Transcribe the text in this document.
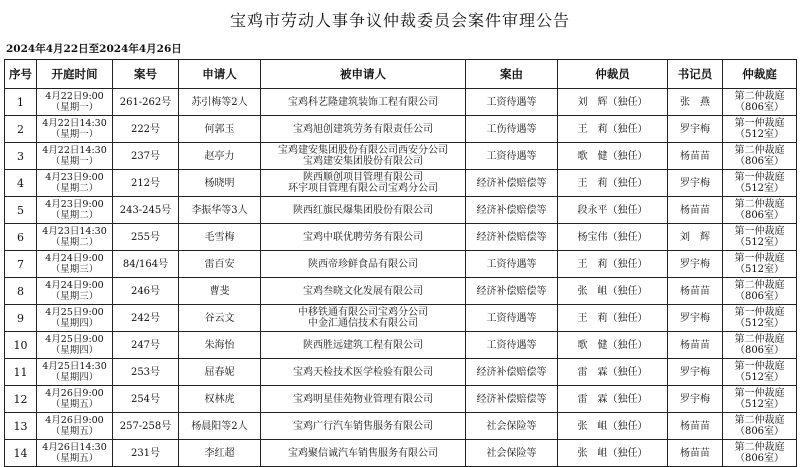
宝鸡市劳动人事争议仲裁委员会案件审理公告
2024年4月22日至2024年4月26日
序号	开庭时间	案号	申请人	被申请人	案由	仲裁员	书记员	仲裁庭
1	4月22日9:00
（星期一）	261-262号	苏引梅等2人	宝鸡科艺隆建筑装饰工程有限公司	工资待遇等	刘　辉（独任）	张　燕	第二仲裁庭
（806室）

2	4月22日14:30
（星期一）	222号	何郭玉	宝鸡旭创建筑劳务有限责任公司	工伤待遇等	王　莉（独任）	罗宇梅	第一仲裁庭
（512室）

3	4月22日14:30
（星期一）	237号	赵亭力	宝鸡建安集团股份有限公司西安分公司
宝鸡建安集团股份有限公司	工资待遇等	歌　健（独任）	杨苗苗	第二仲裁庭
（806室）

4	4月23日9:00
（星期二）	212号	杨晓明	陕西顺创项目管理有限公司
环宇项目管理有限公司宝鸡分公司	经济补偿赔偿等	王　莉（独任）	罗宇梅	第一仲裁庭
（512室）

5	4月23日9:00
（星期二）	243-245号	李振华等3人	陕西红旗民爆集团股份有限公司	经济补偿赔偿等	段永平（独任）	杨苗苗	第二仲裁庭
（806室）

6	4月23日14:30
（星期二）	255号	毛雪梅	宝鸡中联优聘劳务有限公司	经济补偿赔偿等	杨宝伟（独任）	刘　辉	第一仲裁庭
（512室）

7	4月24日9:00
（星期三）	84/164号	雷百安	陕西帝珍鲜食品有限公司	工资待遇等	王　莉（独任）	罗宇梅	第一仲裁庭
（512室）

8	4月24日9:00
（星期三）	246号	曹斐	宝鸡叁晓文化发展有限公司	经济补偿赔偿等	张　岨（独任）	杨苗苗	第二仲裁庭
（806室）

9	4月25日9:00
（星期四）	242号	谷云文	中移铁通有限公司宝鸡分公司
中金汇通信技术有限公司	工资待遇等	王　莉（独任）	罗宇梅	第一仲裁庭
（512室）

10	4月25日9:00
（星期四）	247号	朱海怡	陕西胜远建筑工程有限公司	工资待遇等	歌　健（独任）	杨苗苗	第二仲裁庭
（806室）

11	4月25日14:30
（星期四）	253号	屈春妮	宝鸡天检技术医学检验有限公司	经济补偿赔偿等	雷　霖（独任）	罗宇梅	第一仲裁庭
（512室）

12	4月26日9:00
（星期五）	254号	权林虎	宝鸡明星佳苑物业管理有限公司	经济补偿赔偿等	雷　霖（独任）	罗宇梅	第一仲裁庭
（512室）

13	4月26日9:00
（星期五）	257-258号	杨晨阳等2人	宝鸡广行汽车销售服务有限公司	社会保险等	张　岨（独任）	杨苗苗	第二仲裁庭
（806室）

14	4月26日14:30
（星期五）	231号	李红超	宝鸡聚信诚汽车销售服务有限公司	社会保险等	张　岨（独任）	杨苗苗	第二仲裁庭
（806室）
